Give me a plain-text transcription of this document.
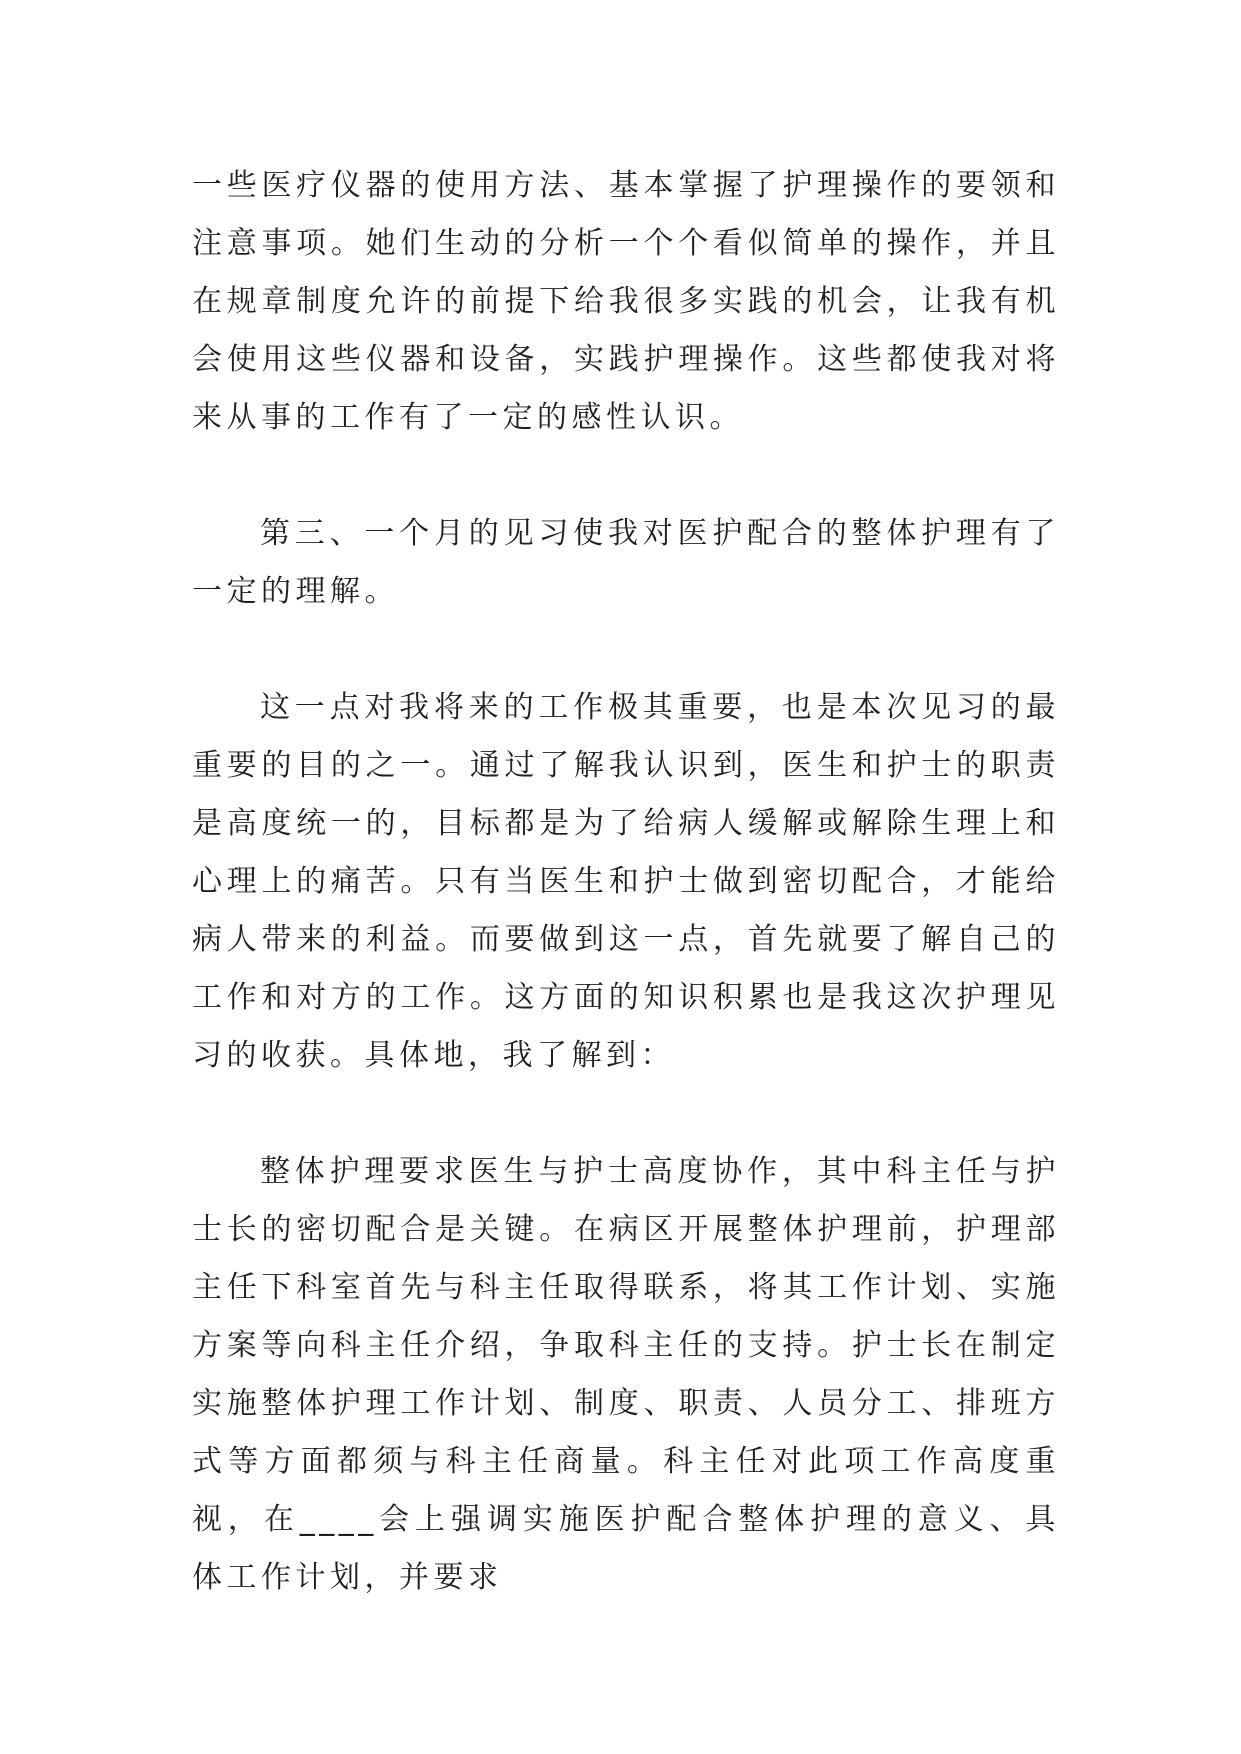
一些医疗仪器的使用方法、基本掌握了护理操作的要领和注意事项。她们生动的分析一个个看似简单的操作，并且在规章制度允许的前提下给我很多实践的机会，让我有机会使用这些仪器和设备，实践护理操作。这些都使我对将来从事的工作有了一定的感性认识。

第三、一个月的见习使我对医护配合的整体护理有了一定的理解。

这一点对我将来的工作极其重要，也是本次见习的最重要的目的之一。通过了解我认识到，医生和护士的职责是高度统一的，目标都是为了给病人缓解或解除生理上和心理上的痛苦。只有当医生和护士做到密切配合，才能给病人带来的利益。而要做到这一点，首先就要了解自己的工作和对方的工作。这方面的知识积累也是我这次护理见习的收获。具体地，我了解到：

整体护理要求医生与护士高度协作，其中科主任与护士长的密切配合是关键。在病区开展整体护理前，护理部主任下科室首先与科主任取得联系，将其工作计划、实施方案等向科主任介绍，争取科主任的支持。护士长在制定实施整体护理工作计划、制度、职责、人员分工、排班方式等方面都须与科主任商量。科主任对此项工作高度重视，在____会上强调实施医护配合整体护理的意义、具体工作计划，并要求
